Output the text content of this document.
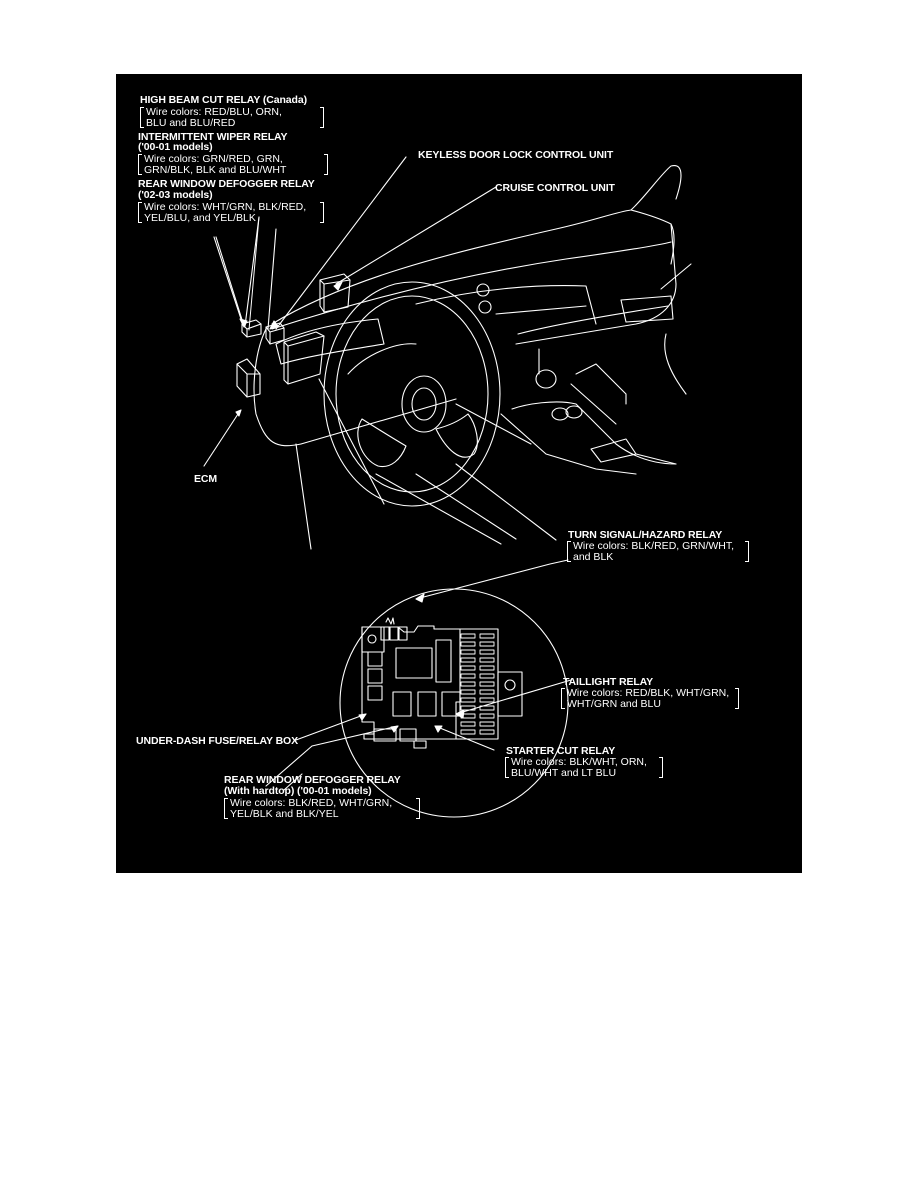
HIGH BEAM CUT RELAY (Canada)
Wire colors: RED/BLU, ORN,
BLU and BLU/RED
INTERMITTENT WIPER RELAY
('00-01 models)
Wire colors: GRN/RED, GRN,
GRN/BLK, BLK and BLU/WHT
REAR WINDOW DEFOGGER RELAY
('02-03 models)
Wire colors: WHT/GRN, BLK/RED,
YEL/BLU, and YEL/BLK
KEYLESS DOOR LOCK CONTROL UNIT
CRUISE CONTROL UNIT
ECM
TURN SIGNAL/HAZARD RELAY
Wire colors: BLK/RED, GRN/WHT,
and BLK
TAILLIGHT RELAY
Wire colors: RED/BLK, WHT/GRN,
WHT/GRN and BLU
UNDER-DASH FUSE/RELAY BOX
STARTER CUT RELAY
Wire colors: BLK/WHT, ORN,
BLU/WHT and LT BLU
REAR WINDOW DEFOGGER RELAY
(With hardtop) ('00-01 models)
Wire colors: BLK/RED, WHT/GRN,
YEL/BLK and BLK/YEL
